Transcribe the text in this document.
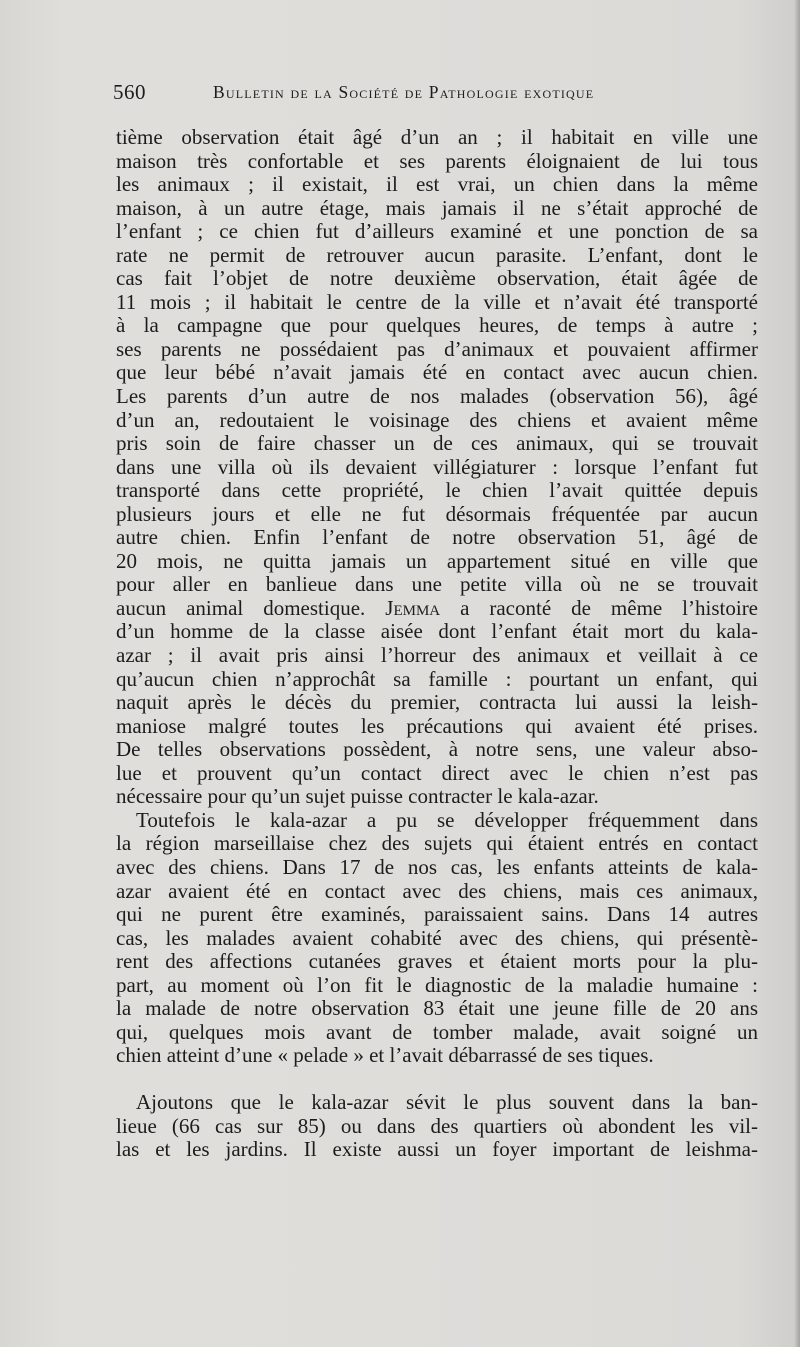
560	Bulletin de la Société de Pathologie exotique
tième observation était âgé d’un an ; il habitait en ville une
maison très confortable et ses parents éloignaient de lui tous
les animaux ; il existait, il est vrai, un chien dans la même
maison, à un autre étage, mais jamais il ne s’était approché de
l’enfant ; ce chien fut d’ailleurs examiné et une ponction de sa
rate ne permit de retrouver aucun parasite. L’enfant, dont le
cas fait l’objet de notre deuxième observation, était âgée de
11 mois ; il habitait le centre de la ville et n’avait été transporté
à la campagne que pour quelques heures, de temps à autre ;
ses parents ne possédaient pas d’animaux et pouvaient affirmer
que leur bébé n’avait jamais été en contact avec aucun chien.
Les parents d’un autre de nos malades (observation 56), âgé
d’un an, redoutaient le voisinage des chiens et avaient même
pris soin de faire chasser un de ces animaux, qui se trouvait
dans une villa où ils devaient villégiaturer : lorsque l’enfant fut
transporté dans cette propriété, le chien l’avait quittée depuis
plusieurs jours et elle ne fut désormais fréquentée par aucun
autre chien. Enfin l’enfant de notre observation 51, âgé de
20 mois, ne quitta jamais un appartement situé en ville que
pour aller en banlieue dans une petite villa où ne se trouvait
aucun animal domestique. Jemma a raconté de même l’histoire
d’un homme de la classe aisée dont l’enfant était mort du kala-
azar ; il avait pris ainsi l’horreur des animaux et veillait à ce
qu’aucun chien n’approchât sa famille : pourtant un enfant, qui
naquit après le décès du premier, contracta lui aussi la leish-
maniose malgré toutes les précautions qui avaient été prises.
De telles observations possèdent, à notre sens, une valeur abso-
lue et prouvent qu’un contact direct avec le chien n’est pas
nécessaire pour qu’un sujet puisse contracter le kala-azar.
Toutefois le kala-azar a pu se développer fréquemment dans
la région marseillaise chez des sujets qui étaient entrés en contact
avec des chiens. Dans 17 de nos cas, les enfants atteints de kala-
azar avaient été en contact avec des chiens, mais ces animaux,
qui ne purent être examinés, paraissaient sains. Dans 14 autres
cas, les malades avaient cohabité avec des chiens, qui présentè-
rent des affections cutanées graves et étaient morts pour la plu-
part, au moment où l’on fit le diagnostic de la maladie humaine :
la malade de notre observation 83 était une jeune fille de 20 ans
qui, quelques mois avant de tomber malade, avait soigné un
chien atteint d’une « pelade » et l’avait débarrassé de ses tiques.
Ajoutons que le kala-azar sévit le plus souvent dans la ban-
lieue (66 cas sur 85) ou dans des quartiers où abondent les vil-
las et les jardins. Il existe aussi un foyer important de leishma-
